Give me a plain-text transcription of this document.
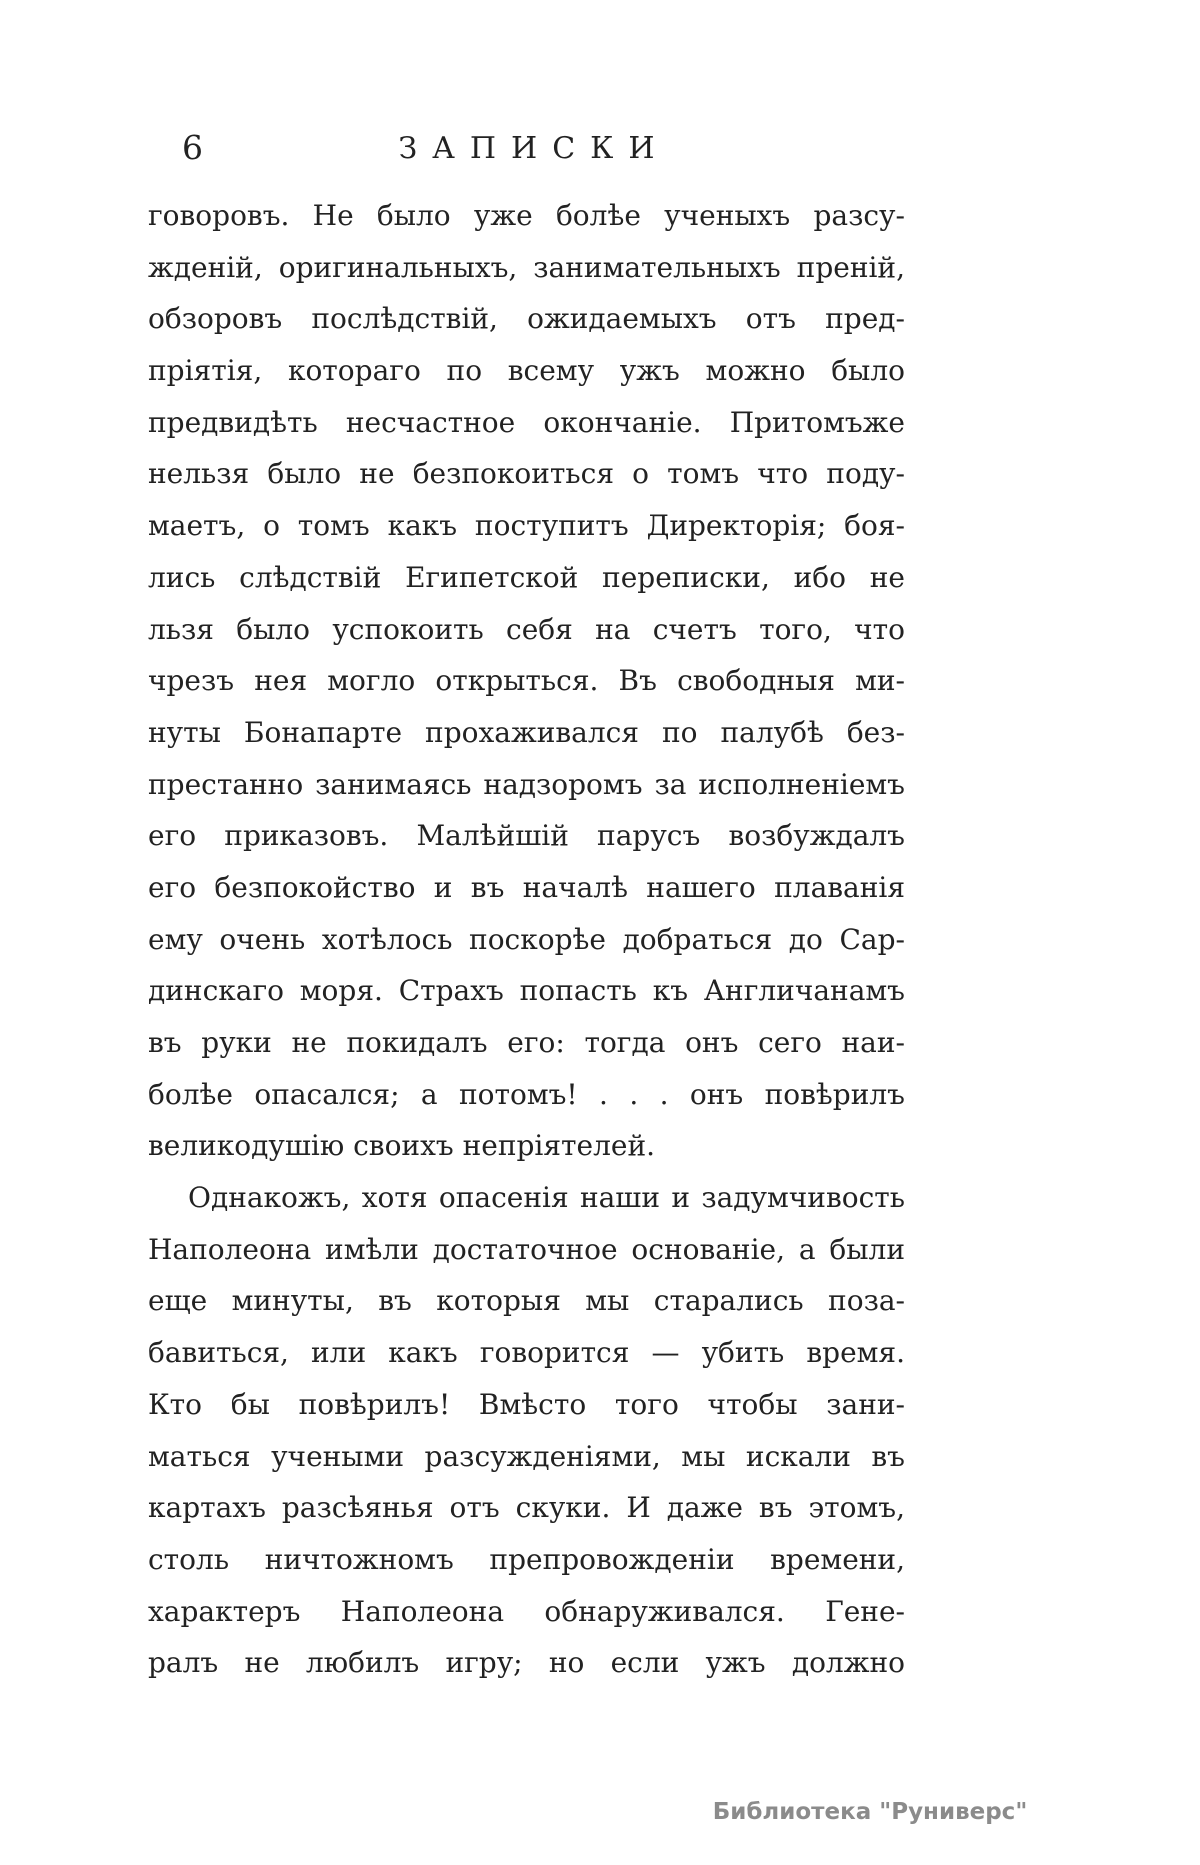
6	ЗАПИСКИ
говоровъ. Не было уже болѣе ученыхъ разсу-
жденій, оригинальныхъ, занимательныхъ преній,
обзоровъ послѣдствій, ожидаемыхъ отъ пред-
пріятія, котораго по всему ужъ можно было
предвидѣть несчастное окончаніе. Притомъже
нельзя было не безпокоиться о томъ что поду-
маетъ, о томъ какъ поступитъ Директорія; боя-
лись слѣдствій Египетской переписки, ибо не
льзя было успокоить себя на счетъ того, что
чрезъ нея могло открыться. Въ свободныя ми-
нуты Бонапарте прохаживался по палубѣ без-
престанно занимаясь надзоромъ за исполненіемъ
его приказовъ. Малѣйшій парусъ возбуждалъ
его безпокойство и въ началѣ нашего плаванія
ему очень хотѣлось поскорѣе добраться до Сар-
динскаго моря. Страхъ попасть къ Англичанамъ
въ руки не покидалъ его: тогда онъ сего наи-
болѣе опасался; а потомъ! . . . онъ повѣрилъ
великодушію своихъ непріятелей.
Однакожъ, хотя опасенія наши и задумчивость
Наполеона имѣли достаточное основаніе, а были
еще минуты, въ которыя мы старались поза-
бавиться, или какъ говорится — убить время.
Кто бы повѣрилъ! Вмѣсто того чтобы зани-
маться учеными разсужденіями, мы искали въ
картахъ разсѣянья отъ скуки. И даже въ этомъ,
столь ничтожномъ препровожденіи времени,
характеръ Наполеона обнаруживался. Гене-
ралъ не любилъ игру; но если ужъ должно
Библиотека "Руниверс"
